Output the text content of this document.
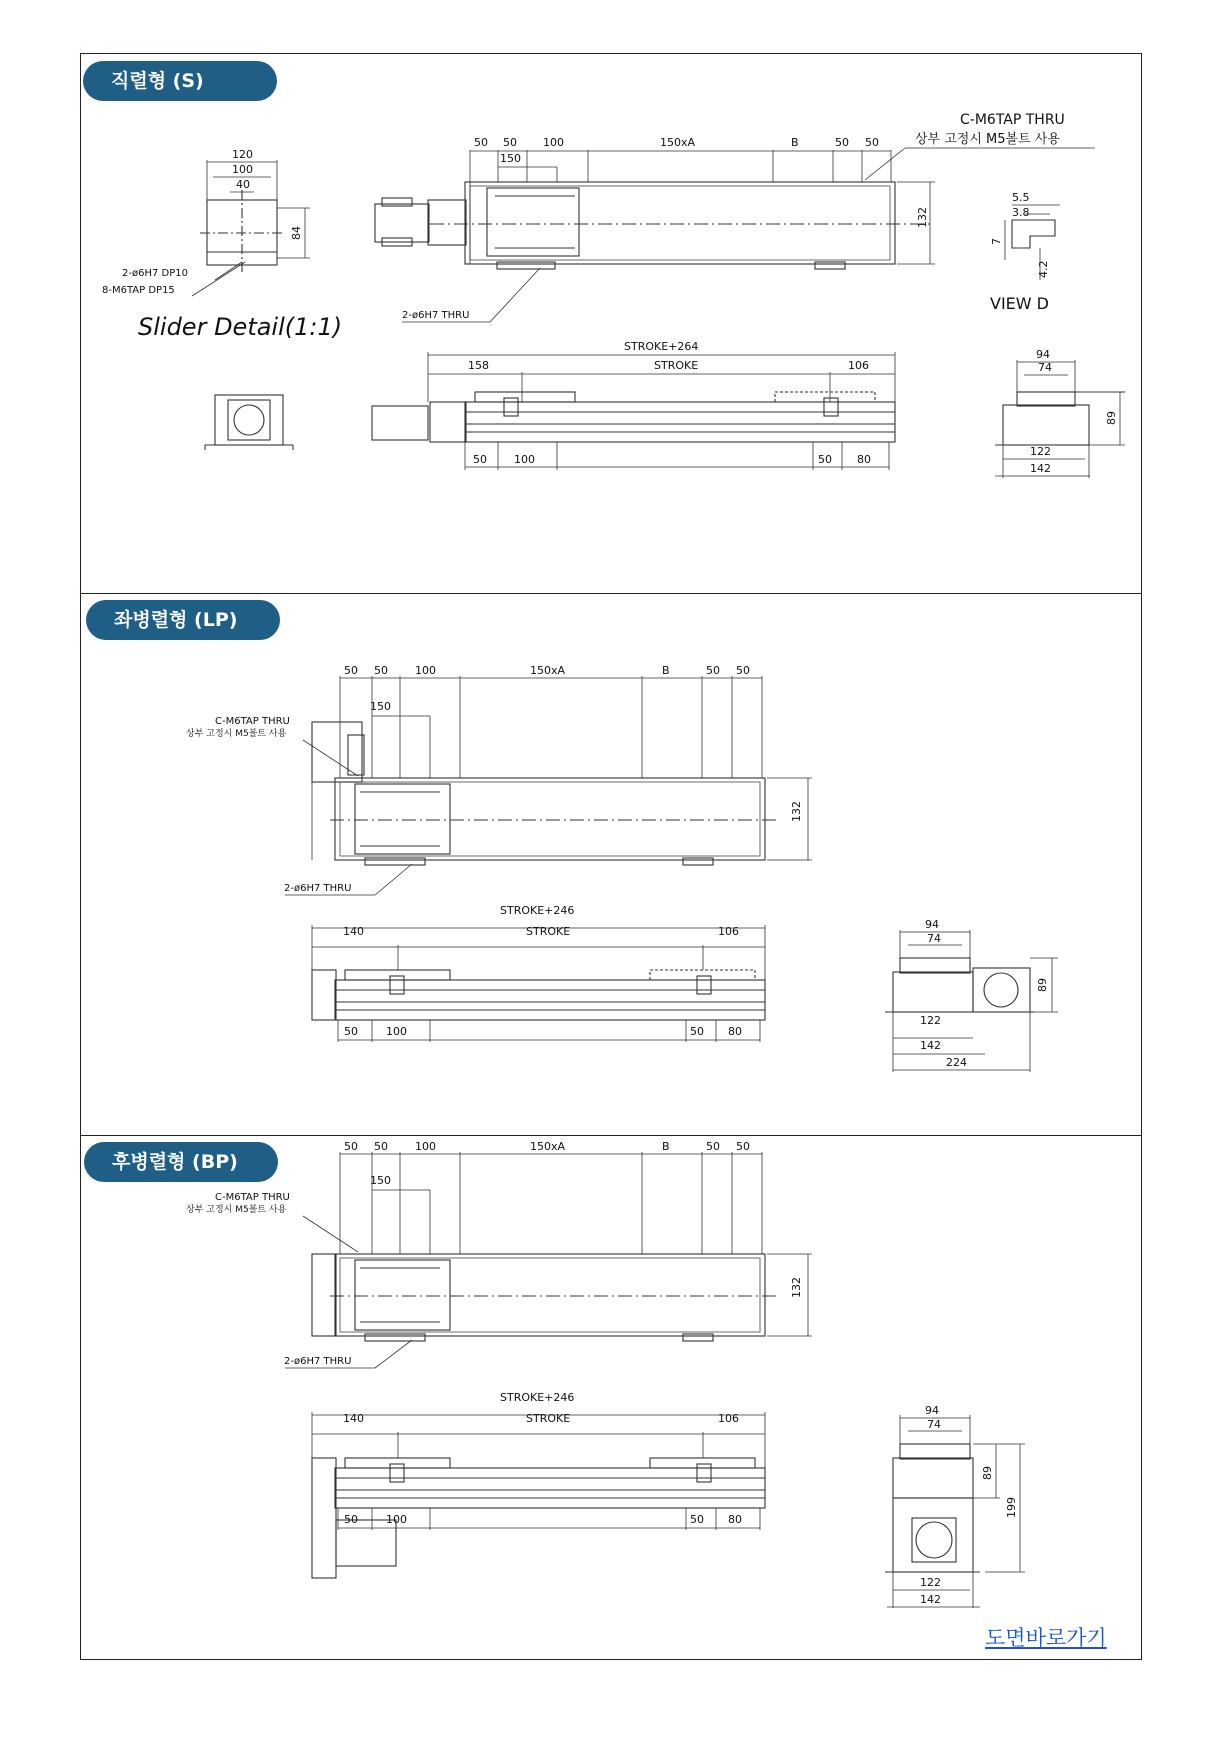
직렬형 (S)
좌병렬형 (LP)
후병렬형 (BP)
50 50 100	150xA	B	50 50
150
132
C-M6TAP THRU
상부 고정시 M5볼트 사용
2-ø6H7 THRU
120
100
40
84
2-ø6H7 DP10
8-M6TAP DP15
Slider Detail(1:1)
5.5
3.8
7
4.2
VIEW D
STROKE+264
158	STROKE	106
50 100	50 80
94
74
89
122
142
50 50 100	150xA	B	50 50
150
132
C-M6TAP THRU
상부 고정시 M5볼트 사용
2-ø6H7 THRU
STROKE+246
140	STROKE	106
50	100	50 80
94
74
89
122
142
224
50 50 100	150xA	B	50 50
150
132
C-M6TAP THRU
상부 고정시 M5볼트 사용
2-ø6H7 THRU
STROKE+246
140	STROKE	106
50	100	50 80
94
74
89
199
122
142
도면바로가기
